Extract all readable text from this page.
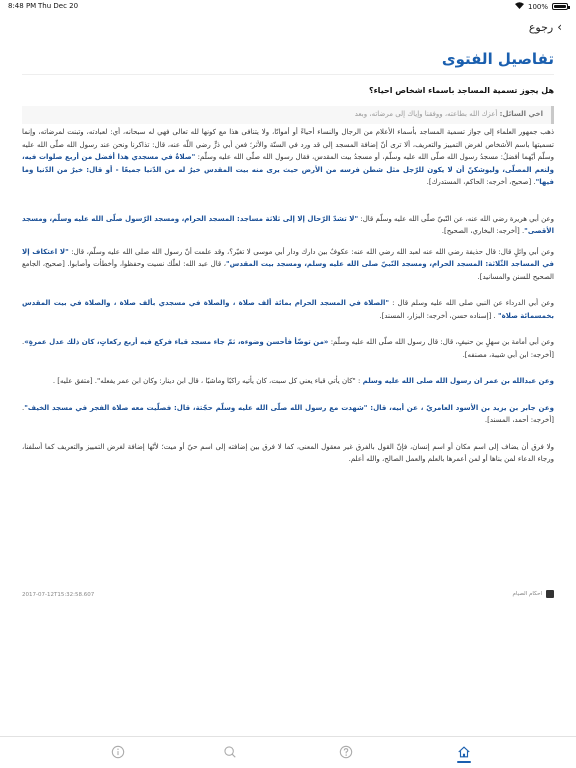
8:48 PM Thu Dec 20	100%
›
رجوع
تفاصيل الفتوى
هل يجوز تسمية المساجد باسماء اشخاص احياء؟
اخي السائل: أعزك الله بطاعته، ووفقنا وإياك إلى مرضاته، وبعد

ذهب جمهور العلماء إلى جواز تسمية المساجد بأسماء الأعلام من الرجال والنساء أحياءً أو أمواتًا، ولا يتنافى هذا مع كونها لله تعالى فهي له سبحانه، أي: لعبادته، وتبنت لمرضاته، وإنما تسميتها باسم الأشخاص لغرض التمييز والتعريف، ألا ترى أنّ إضافة المسجد إلى قد ورد في السنّة والأثر؛ فعن أبي ذرٍّ رضي اللّه عنه، قال: تذاكرنا ونحن عند رسول الله صلّى الله عليه وسلّم أيّهما أفضلُ: مسجدُ رسول الله صلّى الله عليه وسلّم، أو مسجدُ بيت المقدس، فقال رسول الله صلّى الله عليه وسلّم: "صلاةٌ في مسجدي هذا أفضل من أربع صلوات فيه، ولنعم المصلّى، وليوشكنّ أن لا يكون للرّجل مثل شطن فرسه من الأرض حيث يرى منه بيت المقدس خيرٌ له من الدّنيا جميعًا - أو قال: خيرٌ من الدّنيا وما فيها". [صحيح، أخرجه: الحاكم، المستدرك].

وعن أبي هريرة رضي الله عنه، عن النّبيّ صلّى الله عليه وسلّم قال: "لا تشدّ الرّحال إلا إلى ثلاثة مساجد: المسجد الحرام، ومسجد الرّسول صلّى الله عليه وسلّم، ومسجد الأقصى". [أخرجه: البخاري، الصحيح].

وعن أبي وائلٍ قال: قال حذيفة رضي الله عنه لعبد الله رضي الله عنه: عكوفٌ بين دارك ودار أبي موسى لا تغيّر؟، وقد علمت أنّ رسول الله صلى الله عليه وسلّم، قال: "لا اعتكاف إلا في المساجد الثّلاثة: المسجد الحرام، ومسجد النّبيّ صلى الله عليه وسلم، ومسجد بيت المقدس"، قال عبد الله: لعلّك نسيت وحفظوا، وأخطأت وأصابوا. [صحيح، الجامع الصحيح للسنن والمسانيد].

وعن أبي الدرداء عن النبي صلى الله عليه وسلم قال : "الصلاة في المسجد الحرام بمائة ألف صلاة ، والصلاة في مسجدي بألف صلاة ، والصلاة في بيت المقدس بخمسمائة صلاة" . [إسناده حسن، أخرجه: البزار، المسند].

وعن أبي أمامة بن سهلٍ بن حنيفٍ، قال: قال رسول الله صلّى الله عليه وسلّم: «من توضّأ فأحسن وضوءه، ثمّ جاء مسجد قباء فركع فيه أربع ركعاتٍ، كان ذلك عدل عمرةٍ». [أخرجه: ابن أبي شيبة، مصنفه].

وعن عبدالله بن عمر ان رسول الله صلى الله عليه وسلم : "كان يأتي قباء يعني كل سبت، كان يأتيه راكبًا وماشيًا ، قال ابن دينار: وكان ابن عمر يفعله". [متفق عليه] .

وعن جابر بن يزيد بن الأسود العامريّ ، عن أبيه، قال: "شهدت مع رسول الله صلّى الله عليه وسلّم حجّتة، قال: فصلّيت معه صلاة الفجر في مسجد الخيف". [أخرجه: أحمد، المسند].

ولا فرق أن يضاف إلى اسم مكان أو اسم إنسان، فإنّ القول بالفرق غير معقول المعنى، كما لا فرق بين إضافته إلى اسم حيّ أو ميت؛ لأنّها إضافة لغرض التمييز والتعريف كما أسلفنا، ورجاء الدعاء لمن بناها أو لمن أعمرها بالعلم والعمل الصالح، والله أعلم.

2017-07-12T15:32:58.607	احكام الصيام
